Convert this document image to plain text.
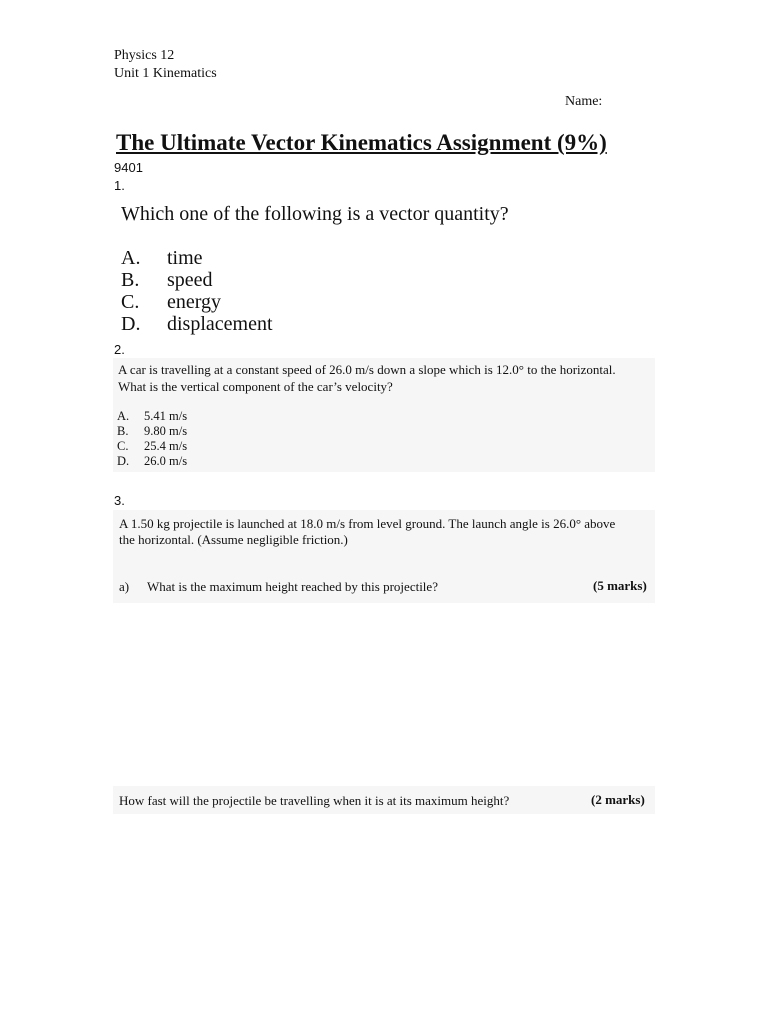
Physics 12
Unit 1 Kinematics
Name:
The Ultimate Vector Kinematics Assignment (9%)
9401
1.
Which one of the following is a vector quantity?
A. time
B. speed
C. energy
D. displacement
2.
A car is travelling at a constant speed of 26.0 m/s down a slope which is 12.0° to the horizontal.
What is the vertical component of the car’s velocity?
A. 5.41 m/s
B. 9.80 m/s
C. 25.4 m/s
D. 26.0 m/s
3.
A 1.50 kg projectile is launched at 18.0 m/s from level ground. The launch angle is 26.0° above
the horizontal. (Assume negligible friction.)
a) What is the maximum height reached by this projectile?	(5 marks)
How fast will the projectile be travelling when it is at its maximum height?	(2 marks)
